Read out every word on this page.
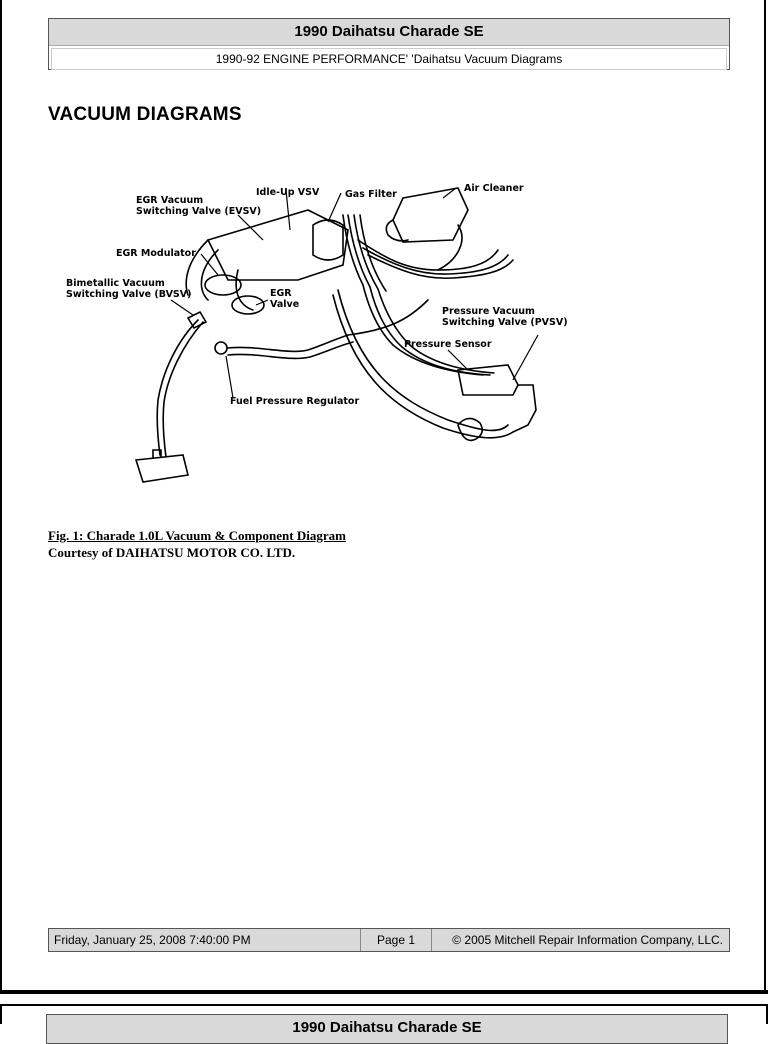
1990 Daihatsu Charade SE
1990-92 ENGINE PERFORMANCE' 'Daihatsu Vacuum Diagrams
VACUUM DIAGRAMS
EGR Vacuum
Switching Valve (EVSV)
Idle-Up VSV	Gas Filter
Air Cleaner
EGR Modulator
Bimetallic Vacuum
Switching Valve (BVSV)	EGR
Valve
Pressure Vacuum
Switching Valve (PVSV)
Pressure Sensor
Fuel Pressure Regulator
Fig. 1: Charade 1.0L Vacuum & Component Diagram
Courtesy of DAIHATSU MOTOR CO. LTD.
Friday, January 25, 2008 7:40:00 PM	Page 1	© 2005 Mitchell Repair Information Company, LLC.
1990 Daihatsu Charade SE
